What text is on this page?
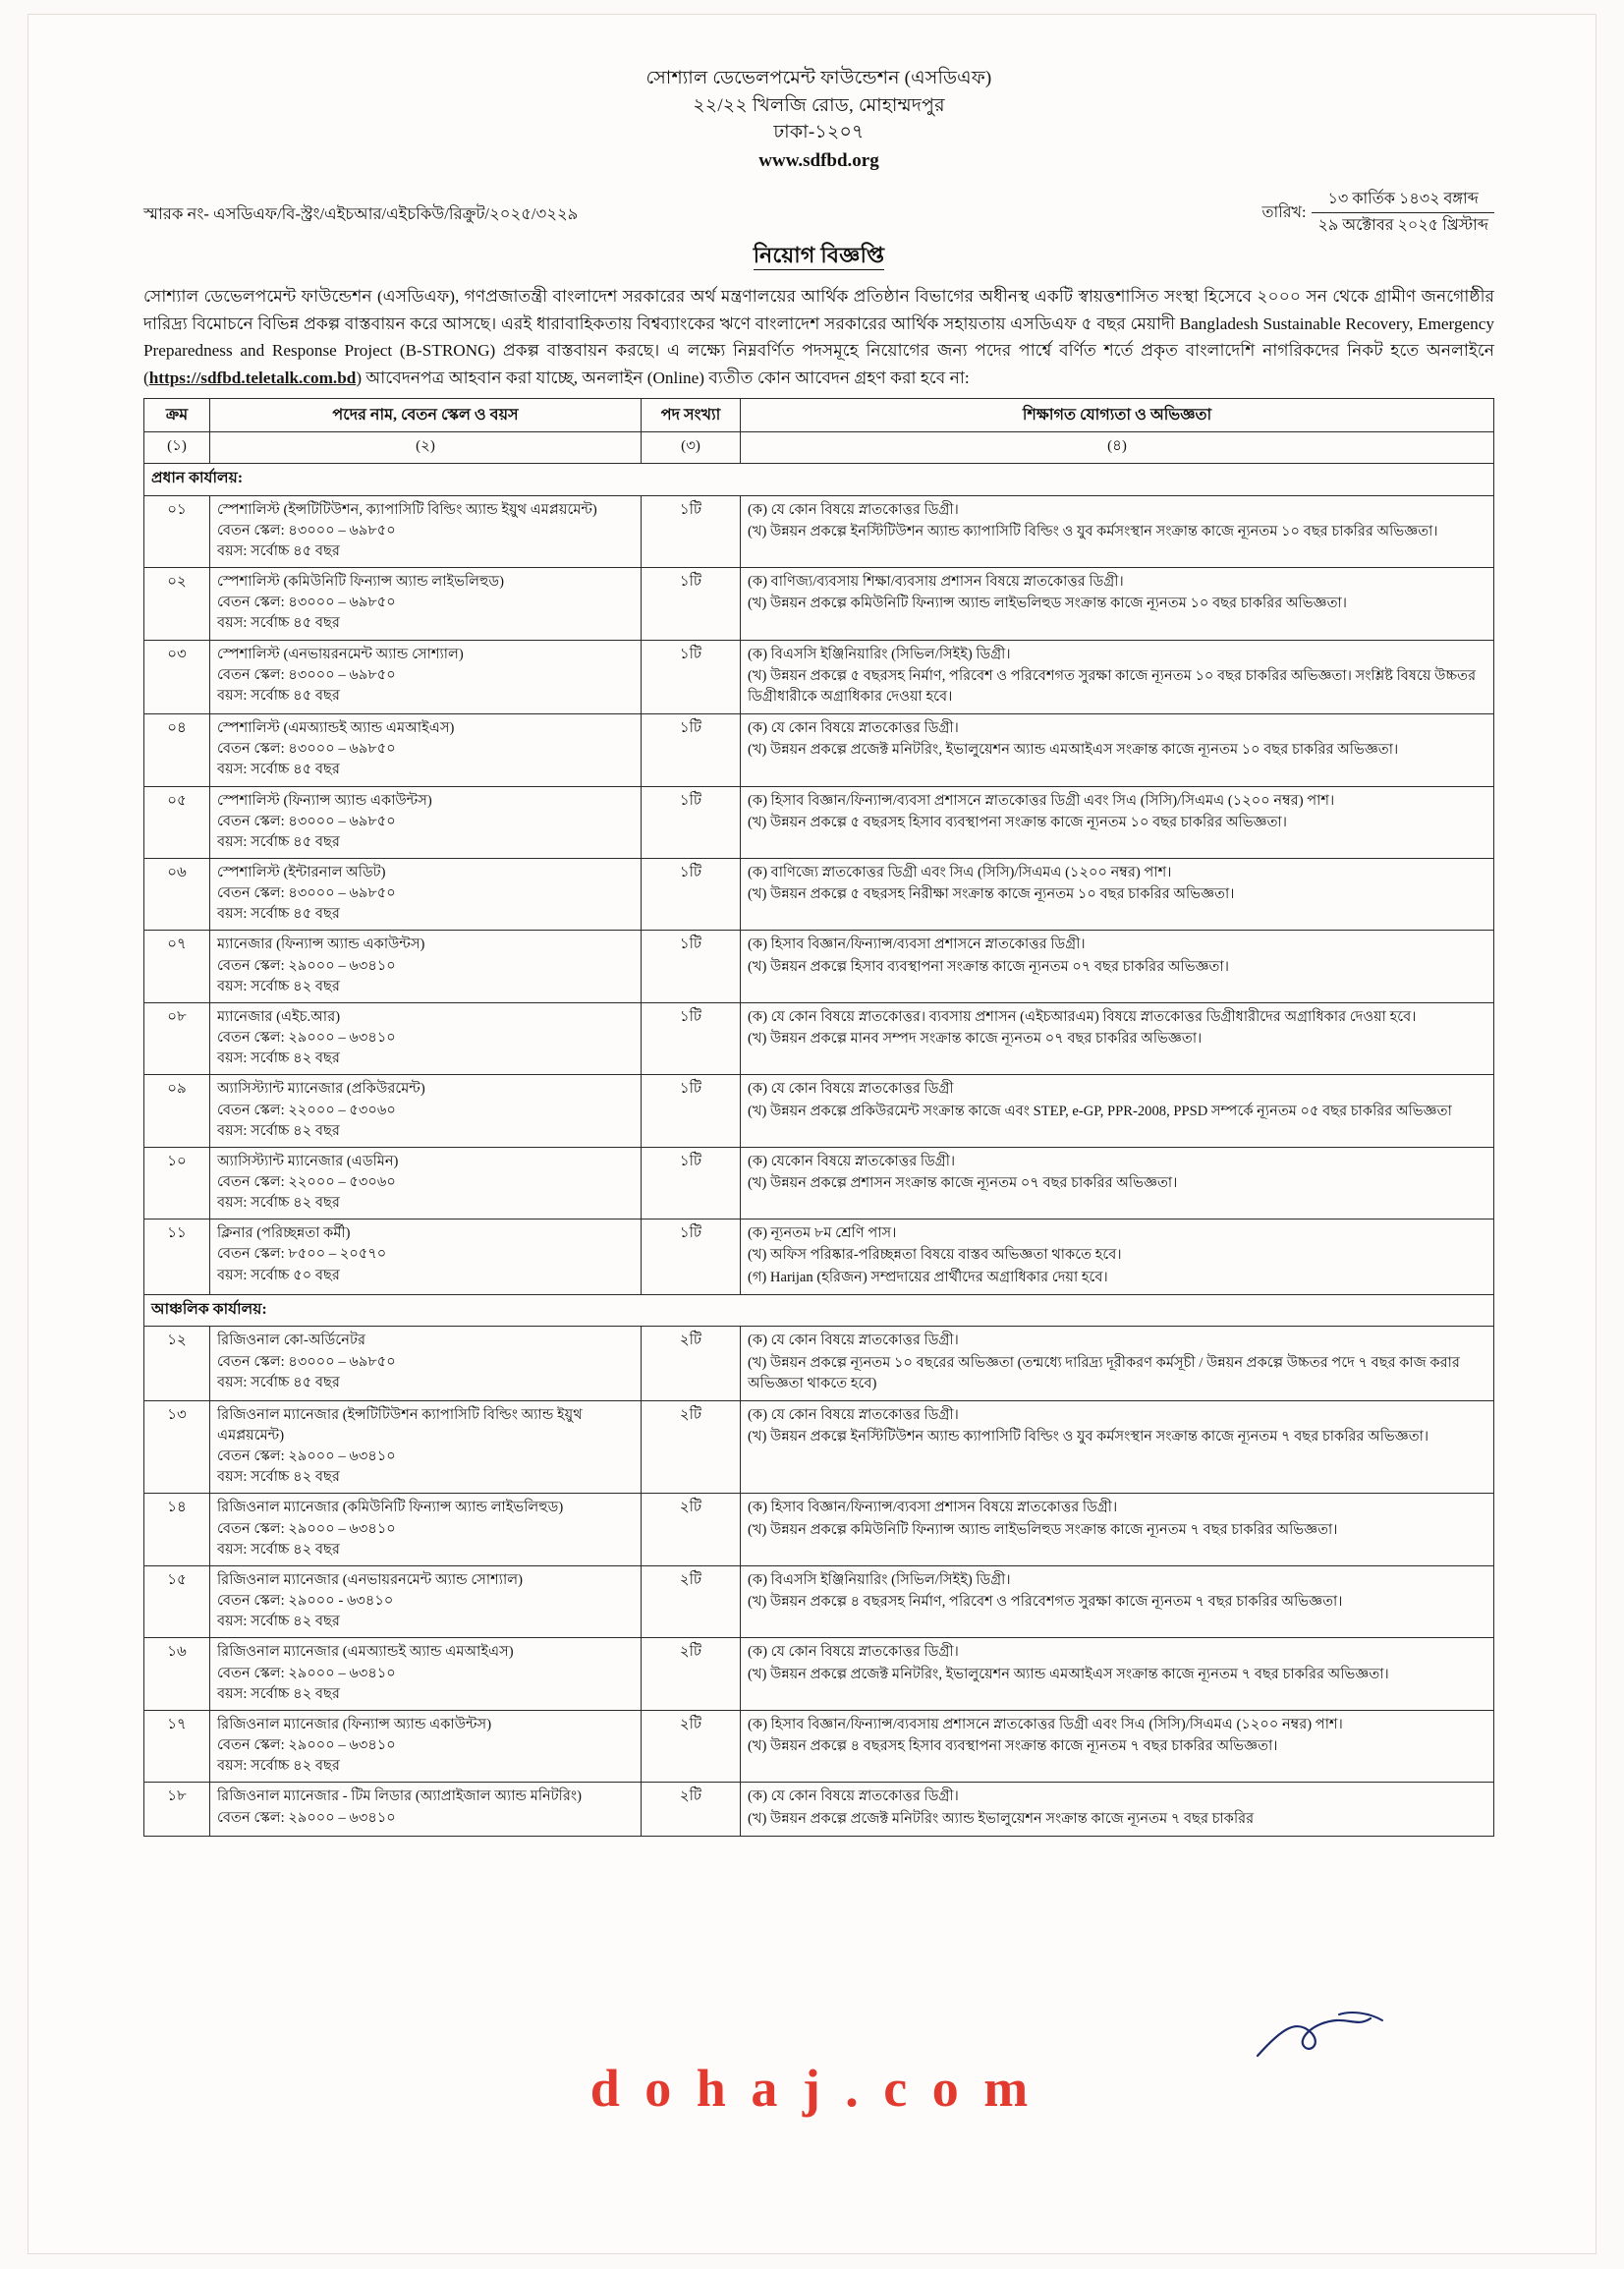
সোশ্যাল ডেভেলপমেন্ট ফাউন্ডেশন (এসডিএফ)
২২/২২ খিলজি রোড, মোহাম্মদপুর
ঢাকা-১২০৭
www.sdfbd.org
স্মারক নং- এসডিএফ/বি-স্ট্রং/এইচআর/এইচকিউ/রিক্রুট/২০২৫/৩২২৯	তারিখ:
১৩ কার্তিক ১৪৩২ বঙ্গাব্দ
২৯ অক্টোবর ২০২৫ খ্রিস্টাব্দ
নিয়োগ বিজ্ঞপ্তি
সোশ্যাল ডেভেলপমেন্ট ফাউন্ডেশন (এসডিএফ), গণপ্রজাতন্ত্রী বাংলাদেশ সরকারের অর্থ মন্ত্রণালয়ের আর্থিক প্রতিষ্ঠান বিভাগের অধীনস্থ একটি স্বায়ত্তশাসিত সংস্থা হিসেবে ২০০০ সন থেকে গ্রামীণ জনগোষ্ঠীর দারিদ্র্য বিমোচনে বিভিন্ন প্রকল্প বাস্তবায়ন করে আসছে। এরই ধারাবাহিকতায় বিশ্বব্যাংকের ঋণে বাংলাদেশ সরকারের আর্থিক সহায়তায় এসডিএফ ৫ বছর মেয়াদী Bangladesh Sustainable Recovery, Emergency Preparedness and Response Project (B-STRONG) প্রকল্প বাস্তবায়ন করছে। এ লক্ষ্যে নিম্নবর্ণিত পদসমূহে নিয়োগের জন্য পদের পার্শ্বে বর্ণিত শর্তে প্রকৃত বাংলাদেশি নাগরিকদের নিকট হতে অনলাইনে (https://sdfbd.teletalk.com.bd) আবেদনপত্র আহবান করা যাচ্ছে, অনলাইন (Online) ব্যতীত কোন আবেদন গ্রহণ করা হবে না:
ক্রম	পদের নাম, বেতন স্কেল ও বয়স	পদ সংখ্যা	শিক্ষাগত যোগ্যতা ও অভিজ্ঞতা
(১)	(২)	(৩)	(৪)
প্রধান কার্যালয়:			
০১	স্পেশালিস্ট (ইন্সটিটিউশন, ক্যাপাসিটি বিল্ডিং অ্যান্ড ইয়ুথ এমপ্লয়মেন্ট)
বেতন স্কেল: ৪৩০০০ – ৬৯৮৫০
বয়স: সর্বোচ্চ ৪৫ বছর
	১টি	(ক) যে কোন বিষয়ে স্নাতকোত্তর ডিগ্রী।

(খ) উন্নয়ন প্রকল্পে ইনস্টিটিউশন অ্যান্ড ক্যাপাসিটি বিল্ডিং ও যুব কর্মসংস্থান সংক্রান্ত কাজে ন্যূনতম ১০ বছর চাকরির অভিজ্ঞতা।

০২	স্পেশালিস্ট (কমিউনিটি ফিন্যান্স অ্যান্ড লাইভলিহুড)
বেতন স্কেল: ৪৩০০০ – ৬৯৮৫০
বয়স: সর্বোচ্চ ৪৫ বছর
	১টি	(ক) বাণিজ্য/ব্যবসায় শিক্ষা/ব্যবসায় প্রশাসন বিষয়ে স্নাতকোত্তর ডিগ্রী।

(খ) উন্নয়ন প্রকল্পে কমিউনিটি ফিন্যান্স অ্যান্ড লাইভলিহুড সংক্রান্ত কাজে ন্যূনতম ১০ বছর চাকরির অভিজ্ঞতা।

০৩	স্পেশালিস্ট (এনভায়রনমেন্ট অ্যান্ড সোশ্যাল)
বেতন স্কেল: ৪৩০০০ – ৬৯৮৫০
বয়স: সর্বোচ্চ ৪৫ বছর
	১টি	(ক) বিএসসি ইঞ্জিনিয়ারিং (সিভিল/সিইই) ডিগ্রী।

(খ) উন্নয়ন প্রকল্পে ৫ বছরসহ নির্মাণ, পরিবেশ ও পরিবেশগত সুরক্ষা কাজে ন্যূনতম ১০ বছর চাকরির অভিজ্ঞতা। সংশ্লিষ্ট বিষয়ে উচ্চতর ডিগ্রীধারীকে অগ্রাধিকার দেওয়া হবে।

০৪	স্পেশালিস্ট (এমঅ্যান্ডই অ্যান্ড এমআইএস)
বেতন স্কেল: ৪৩০০০ – ৬৯৮৫০
বয়স: সর্বোচ্চ ৪৫ বছর
	১টি	(ক) যে কোন বিষয়ে স্নাতকোত্তর ডিগ্রী।

(খ) উন্নয়ন প্রকল্পে প্রজেক্ট মনিটরিং, ইভালুয়েশন অ্যান্ড এমআইএস সংক্রান্ত কাজে ন্যূনতম ১০ বছর চাকরির অভিজ্ঞতা।

০৫	স্পেশালিস্ট (ফিন্যান্স অ্যান্ড একাউন্টস)
বেতন স্কেল: ৪৩০০০ – ৬৯৮৫০
বয়স: সর্বোচ্চ ৪৫ বছর
	১টি	(ক) হিসাব বিজ্ঞান/ফিন্যান্স/ব্যবসা প্রশাসনে স্নাতকোত্তর ডিগ্রী এবং সিএ (সিসি)/সিএমএ (১২০০ নম্বর) পাশ।

(খ) উন্নয়ন প্রকল্পে ৫ বছরসহ হিসাব ব্যবস্থাপনা সংক্রান্ত কাজে ন্যূনতম ১০ বছর চাকরির অভিজ্ঞতা।

০৬	স্পেশালিস্ট (ইন্টারনাল অডিট)
বেতন স্কেল: ৪৩০০০ – ৬৯৮৫০
বয়স: সর্বোচ্চ ৪৫ বছর
	১টি	(ক) বাণিজ্যে স্নাতকোত্তর ডিগ্রী এবং সিএ (সিসি)/সিএমএ (১২০০ নম্বর) পাশ।

(খ) উন্নয়ন প্রকল্পে ৫ বছরসহ নিরীক্ষা সংক্রান্ত কাজে ন্যূনতম ১০ বছর চাকরির অভিজ্ঞতা।

০৭	ম্যানেজার (ফিন্যান্স অ্যান্ড একাউন্টস)
বেতন স্কেল: ২৯০০০ – ৬৩৪১০
বয়স: সর্বোচ্চ ৪২ বছর
	১টি	(ক) হিসাব বিজ্ঞান/ফিন্যান্স/ব্যবসা প্রশাসনে স্নাতকোত্তর ডিগ্রী।

(খ) উন্নয়ন প্রকল্পে হিসাব ব্যবস্থাপনা সংক্রান্ত কাজে ন্যূনতম ০৭ বছর চাকরির অভিজ্ঞতা।

০৮	ম্যানেজার (এইচ.আর)
বেতন স্কেল: ২৯০০০ – ৬৩৪১০
বয়স: সর্বোচ্চ ৪২ বছর
	১টি	(ক) যে কোন বিষয়ে স্নাতকোত্তর। ব্যবসায় প্রশাসন (এইচআরএম) বিষয়ে স্নাতকোত্তর ডিগ্রীধারীদের অগ্রাধিকার দেওয়া হবে।

(খ) উন্নয়ন প্রকল্পে মানব সম্পদ সংক্রান্ত কাজে ন্যূনতম ০৭ বছর চাকরির অভিজ্ঞতা।

০৯	অ্যাসিস্ট্যান্ট ম্যানেজার (প্রকিউরমেন্ট)
বেতন স্কেল: ২২০০০ – ৫৩০৬০
বয়স: সর্বোচ্চ ৪২ বছর
	১টি	(ক) যে কোন বিষয়ে স্নাতকোত্তর ডিগ্রী

(খ) উন্নয়ন প্রকল্পে প্রকিউরমেন্ট সংক্রান্ত কাজে এবং STEP, e-GP, PPR-2008, PPSD সম্পর্কে ন্যূনতম ০৫ বছর চাকরির অভিজ্ঞতা

১০	অ্যাসিস্ট্যান্ট ম্যানেজার (এডমিন)
বেতন স্কেল: ২২০০০ – ৫৩০৬০
বয়স: সর্বোচ্চ ৪২ বছর
	১টি	(ক) যেকোন বিষয়ে স্নাতকোত্তর ডিগ্রী।

(খ) উন্নয়ন প্রকল্পে প্রশাসন সংক্রান্ত কাজে ন্যূনতম ০৭ বছর চাকরির অভিজ্ঞতা।

১১	ক্লিনার (পরিচ্ছন্নতা কর্মী)
বেতন স্কেল: ৮৫০০ – ২০৫৭০
বয়স: সর্বোচ্চ ৫০ বছর
	১টি	(ক) ন্যূনতম ৮ম শ্রেণি পাস।

(খ) অফিস পরিষ্কার-পরিচ্ছন্নতা বিষয়ে বাস্তব অভিজ্ঞতা থাকতে হবে।

(গ) Harijan (হরিজন) সম্প্রদায়ের প্রার্থীদের অগ্রাধিকার দেয়া হবে।

আঞ্চলিক কার্যালয়:			
১২	রিজিওনাল কো-অর্ডিনেটর
বেতন স্কেল: ৪৩০০০ – ৬৯৮৫০
বয়স: সর্বোচ্চ ৪৫ বছর
	২টি	(ক) যে কোন বিষয়ে স্নাতকোত্তর ডিগ্রী।

(খ) উন্নয়ন প্রকল্পে ন্যূনতম ১০ বছরের অভিজ্ঞতা (তন্মধ্যে দারিদ্র্য দূরীকরণ কর্মসূচী / উন্নয়ন প্রকল্পে উচ্চতর পদে ৭ বছর কাজ করার অভিজ্ঞতা থাকতে হবে)

১৩	রিজিওনাল ম্যানেজার (ইন্সটিটিউশন ক্যাপাসিটি বিল্ডিং অ্যান্ড ইয়ুথ এমপ্লয়মেন্ট)
বেতন স্কেল: ২৯০০০ – ৬৩৪১০
বয়স: সর্বোচ্চ ৪২ বছর
	২টি	(ক) যে কোন বিষয়ে স্নাতকোত্তর ডিগ্রী।

(খ) উন্নয়ন প্রকল্পে ইনস্টিটিউশন অ্যান্ড ক্যাপাসিটি বিল্ডিং ও যুব কর্মসংস্থান সংক্রান্ত কাজে ন্যূনতম ৭ বছর চাকরির অভিজ্ঞতা।

১৪	রিজিওনাল ম্যানেজার (কমিউনিটি ফিন্যান্স অ্যান্ড লাইভলিহুড)
বেতন স্কেল: ২৯০০০ – ৬৩৪১০
বয়স: সর্বোচ্চ ৪২ বছর
	২টি	(ক) হিসাব বিজ্ঞান/ফিন্যান্স/ব্যবসা প্রশাসন বিষয়ে স্নাতকোত্তর ডিগ্রী।

(খ) উন্নয়ন প্রকল্পে কমিউনিটি ফিন্যান্স অ্যান্ড লাইভলিহুড সংক্রান্ত কাজে ন্যূনতম ৭ বছর চাকরির অভিজ্ঞতা।

১৫	রিজিওনাল ম্যানেজার (এনভায়রনমেন্ট অ্যান্ড সোশ্যাল)
বেতন স্কেল: ২৯০০০ - ৬৩৪১০
বয়স: সর্বোচ্চ ৪২ বছর
	২টি	(ক) বিএসসি ইঞ্জিনিয়ারিং (সিভিল/সিইই) ডিগ্রী।

(খ) উন্নয়ন প্রকল্পে ৪ বছরসহ নির্মাণ, পরিবেশ ও পরিবেশগত সুরক্ষা কাজে ন্যূনতম ৭ বছর চাকরির অভিজ্ঞতা।

১৬	রিজিওনাল ম্যানেজার (এমঅ্যান্ডই অ্যান্ড এমআইএস)
বেতন স্কেল: ২৯০০০ – ৬৩৪১০
বয়স: সর্বোচ্চ ৪২ বছর
	২টি	(ক) যে কোন বিষয়ে স্নাতকোত্তর ডিগ্রী।

(খ) উন্নয়ন প্রকল্পে প্রজেক্ট মনিটরিং, ইভালুয়েশন অ্যান্ড এমআইএস সংক্রান্ত কাজে ন্যূনতম ৭ বছর চাকরির অভিজ্ঞতা।

১৭	রিজিওনাল ম্যানেজার (ফিন্যান্স অ্যান্ড একাউন্টস)
বেতন স্কেল: ২৯০০০ – ৬৩৪১০
বয়স: সর্বোচ্চ ৪২ বছর
	২টি	(ক) হিসাব বিজ্ঞান/ফিন্যান্স/ব্যবসায় প্রশাসনে স্নাতকোত্তর ডিগ্রী এবং সিএ (সিসি)/সিএমএ (১২০০ নম্বর) পাশ।

(খ) উন্নয়ন প্রকল্পে ৪ বছরসহ হিসাব ব্যবস্থাপনা সংক্রান্ত কাজে ন্যূনতম ৭ বছর চাকরির অভিজ্ঞতা।

১৮	রিজিওনাল ম্যানেজার - টিম লিডার (অ্যাপ্রাইজাল অ্যান্ড মনিটরিং)
বেতন স্কেল: ২৯০০০ – ৬৩৪১০
	২টি	(ক) যে কোন বিষয়ে স্নাতকোত্তর ডিগ্রী।

(খ) উন্নয়ন প্রকল্পে প্রজেক্ট মনিটরিং অ্যান্ড ইভালুয়েশন সংক্রান্ত কাজে ন্যূনতম ৭ বছর চাকরির

d o h a j . c o m
